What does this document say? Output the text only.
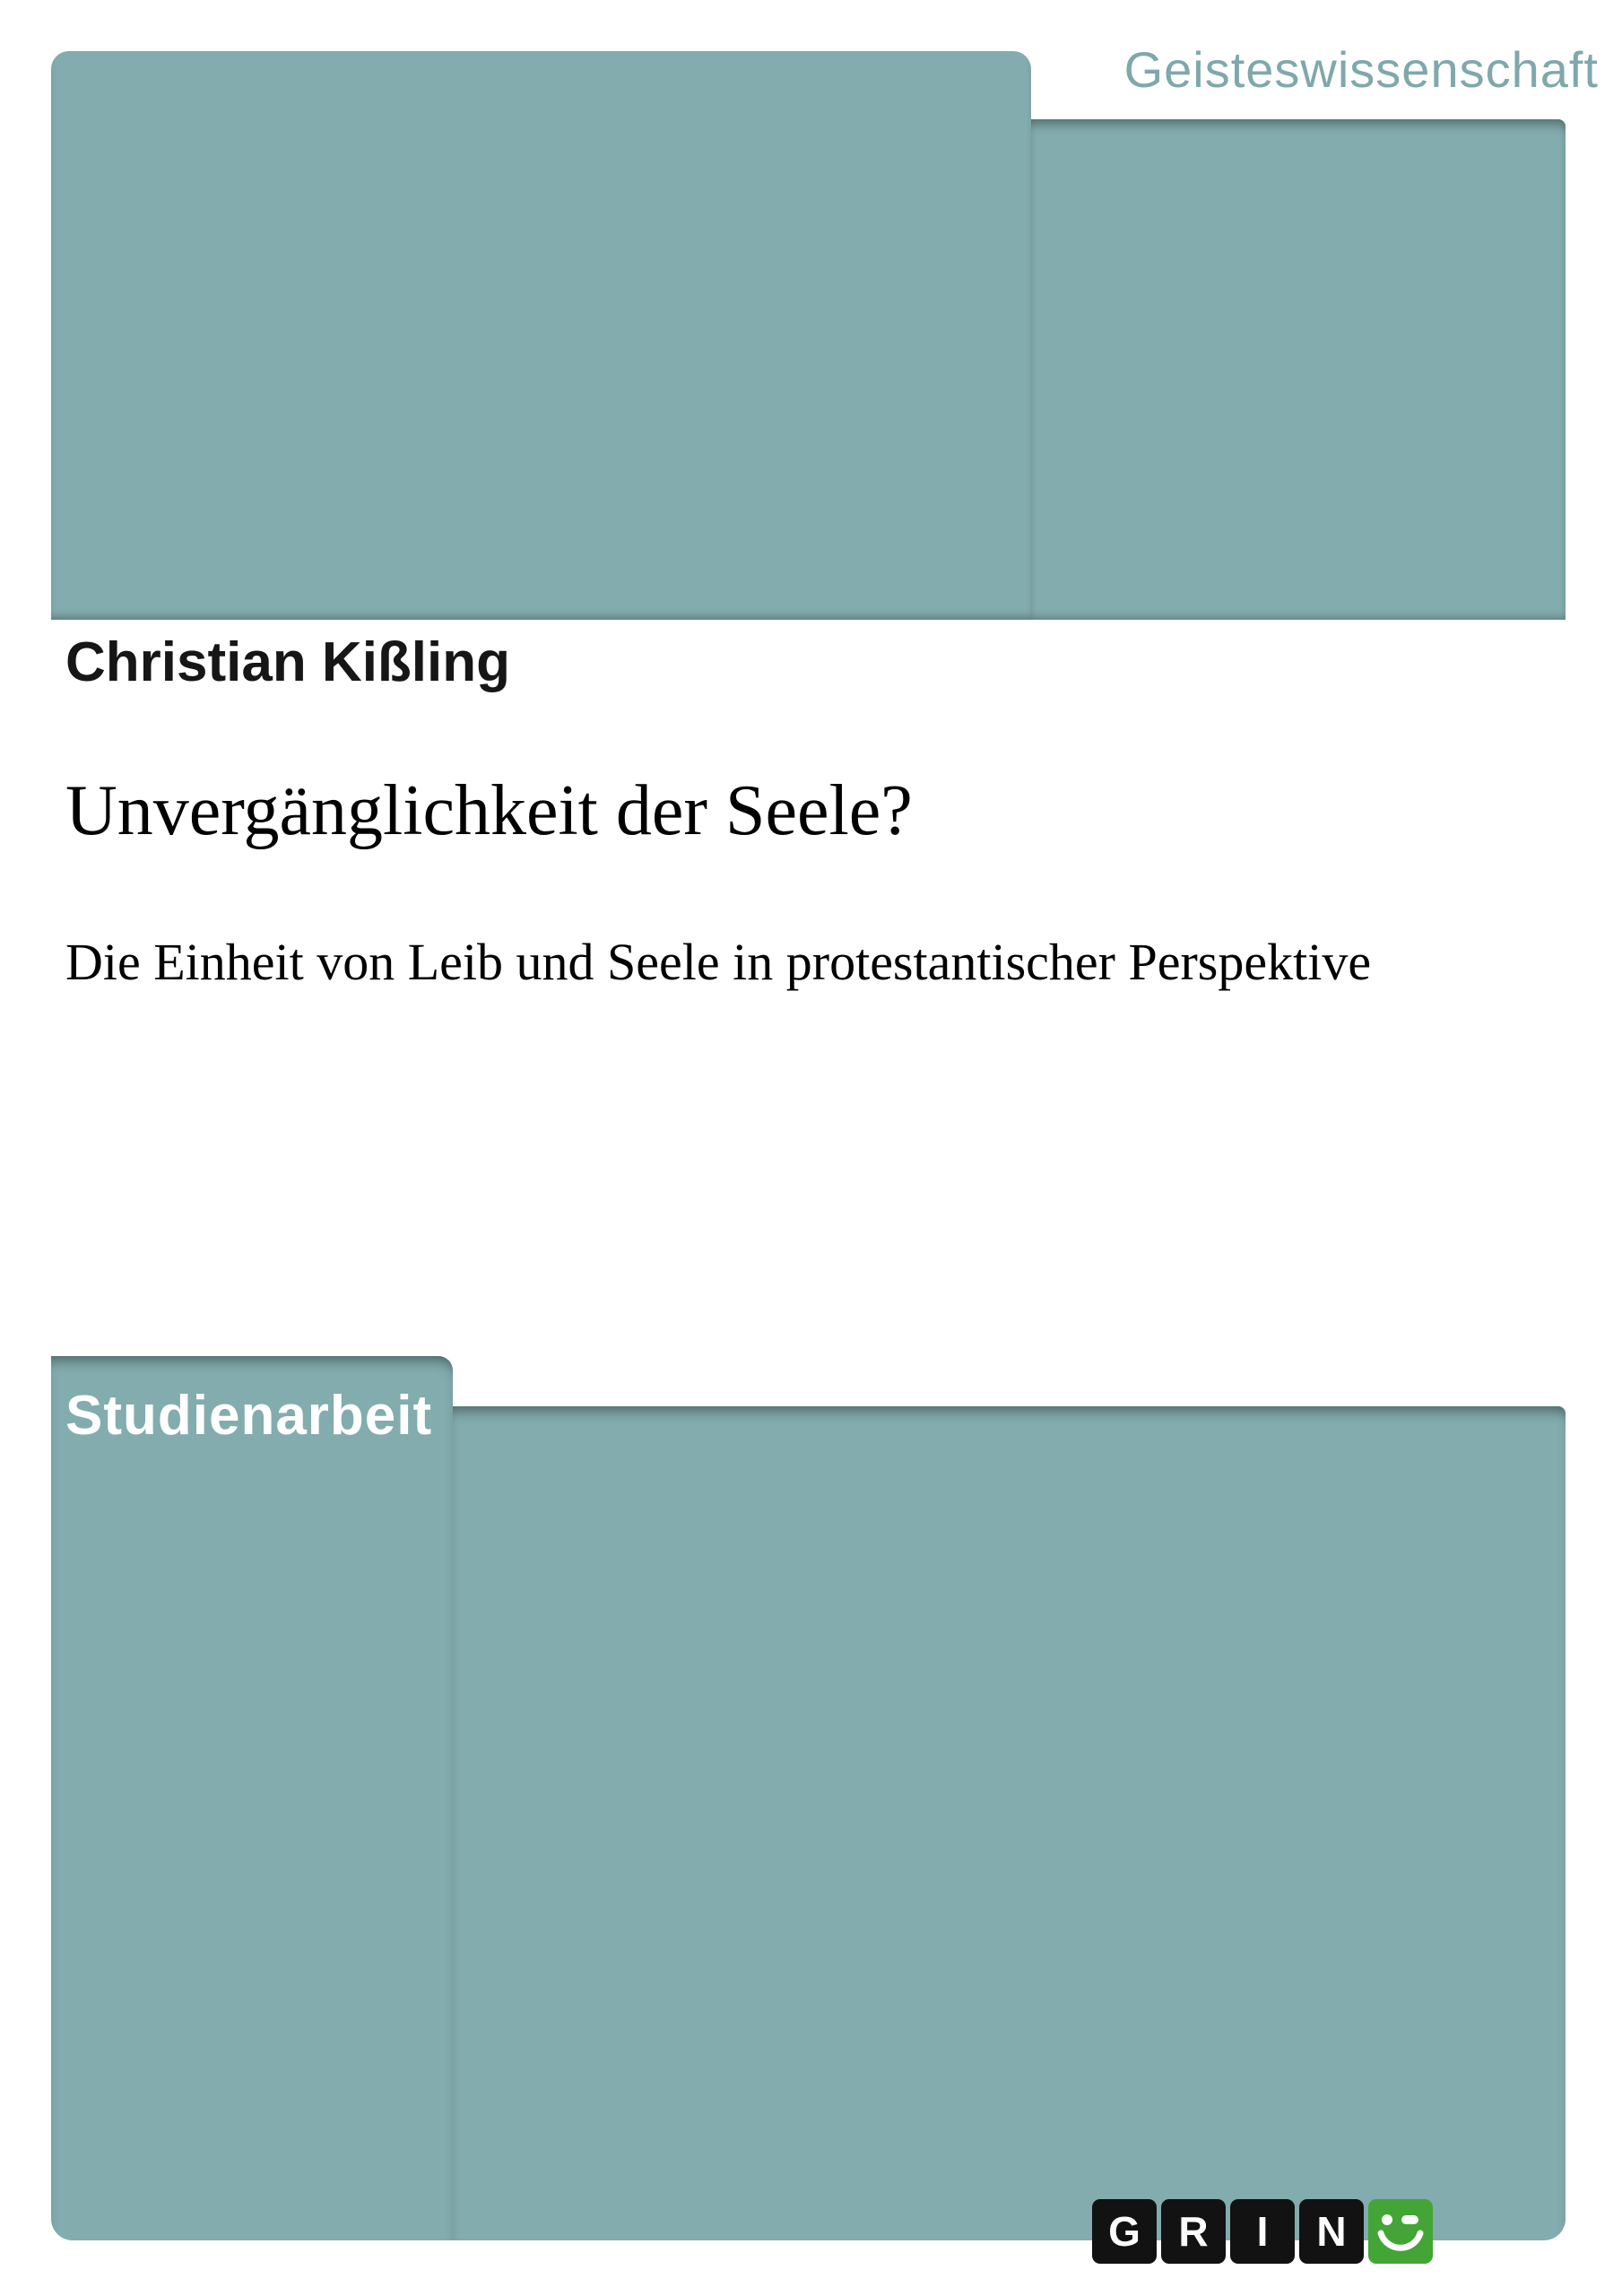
Geisteswissenschaft
Christian Kißling
Unvergänglichkeit der Seele?
Die Einheit von Leib und Seele in protestantischer Perspektive
Studienarbeit
G R	I	N
